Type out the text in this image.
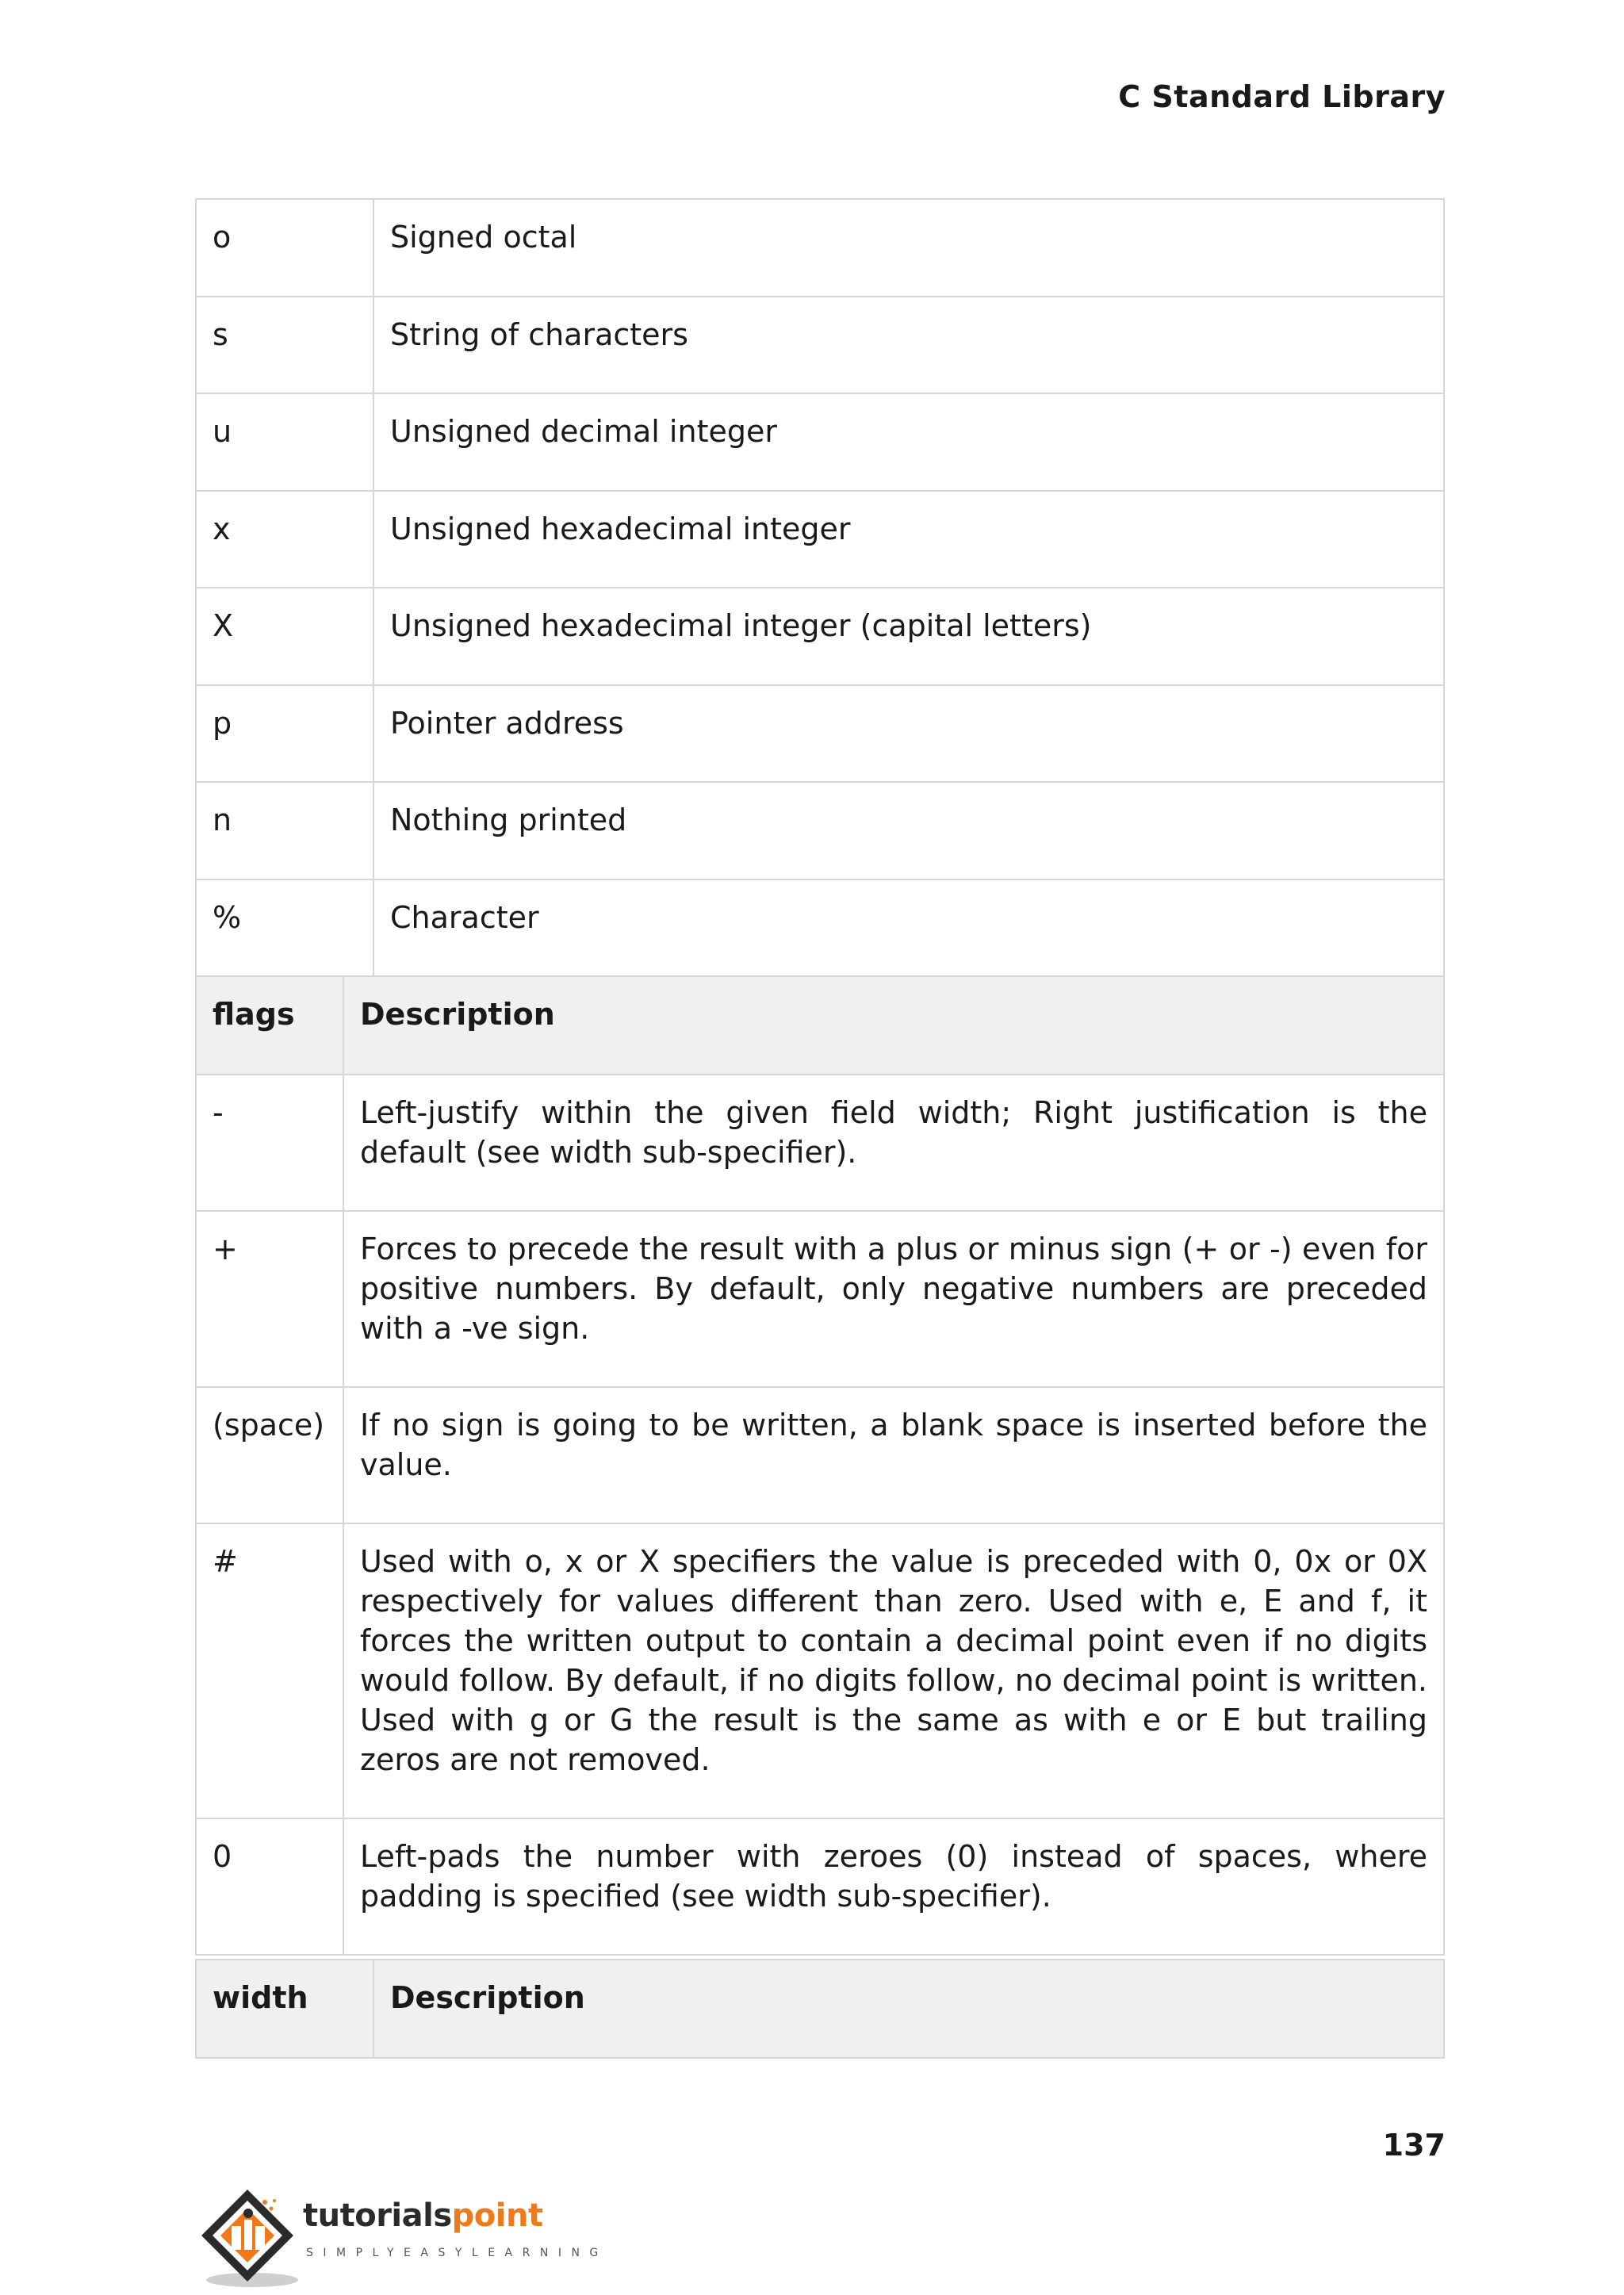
C Standard Library
o	Signed octal
s	String of characters
u	Unsigned decimal integer
x	Unsigned hexadecimal integer
X	Unsigned hexadecimal integer (capital letters)
p	Pointer address
n	Nothing printed
%	Character
flags	Description
-	Left-justify within the given field width; Right justification is the default (see width sub-specifier).
+	Forces to precede the result with a plus or minus sign (+ or -) even for positive numbers. By default, only negative numbers are preceded with a -ve sign.
(space)	If no sign is going to be written, a blank space is inserted before the value.
#	Used with o, x or X specifiers the value is preceded with 0, 0x or 0X respectively for values different than zero. Used with e, E and f, it forces the written output to contain a decimal point even if no digits would follow. By default, if no digits follow, no decimal point is written. Used with g or G the result is the same as with e or E but trailing zeros are not removed.
0	Left-pads the number with zeroes (0) instead of spaces, where padding is specified (see width sub-specifier).
width	Description
137
tutorialspoint
SIMPLYEASYLEARNING
